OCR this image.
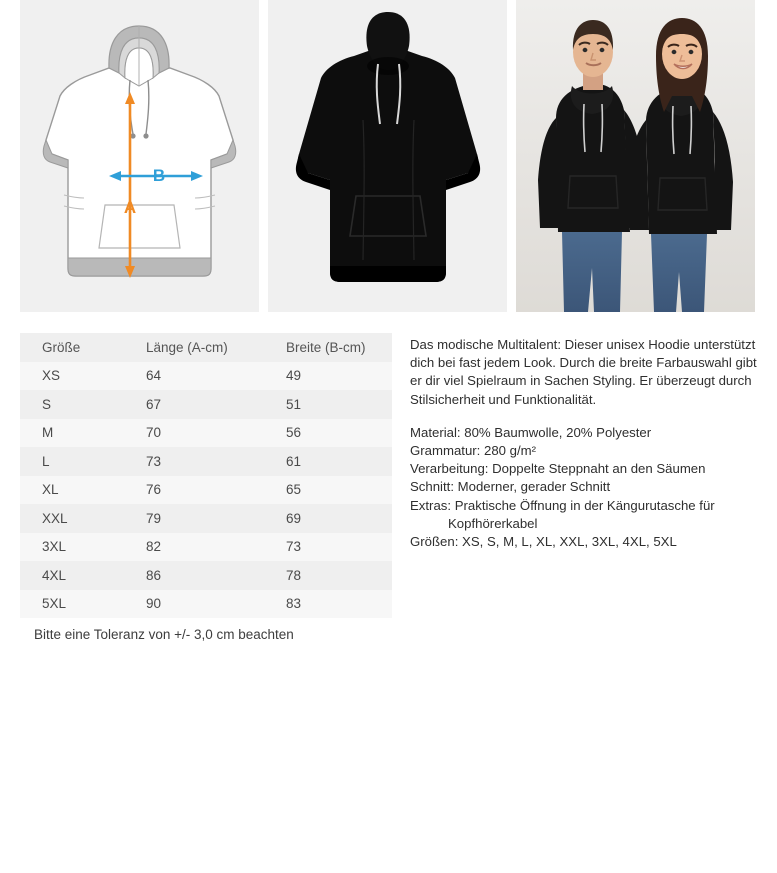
A
B
Größe	Länge (A-cm)	Breite (B-cm)
XS	64	49
S	67	51
M	70	56
L	73	61
XL	76	65
XXL	79	69
3XL	82	73
4XL	86	78
5XL	90	83
Bitte eine Toleranz von +/- 3,0 cm beachten

Das modische Multitalent: Dieser unisex Hoodie unterstützt dich bei fast jedem Look. Durch die breite Farbauswahl gibt er dir viel Spielraum in Sachen Styling. Er überzeugt durch Stilsicherheit und Funktionalität.

Material: 80% Baumwolle, 20% Polyester

Grammatur: 280 g/m²

Verarbeitung: Doppelte Steppnaht an den Säumen

Schnitt: Moderner, gerader Schnitt

Extras: Praktische Öffnung in der Kängurutasche für

Kopfhörerkabel

Größen: XS, S, M, L, XL, XXL, 3XL, 4XL, 5XL
